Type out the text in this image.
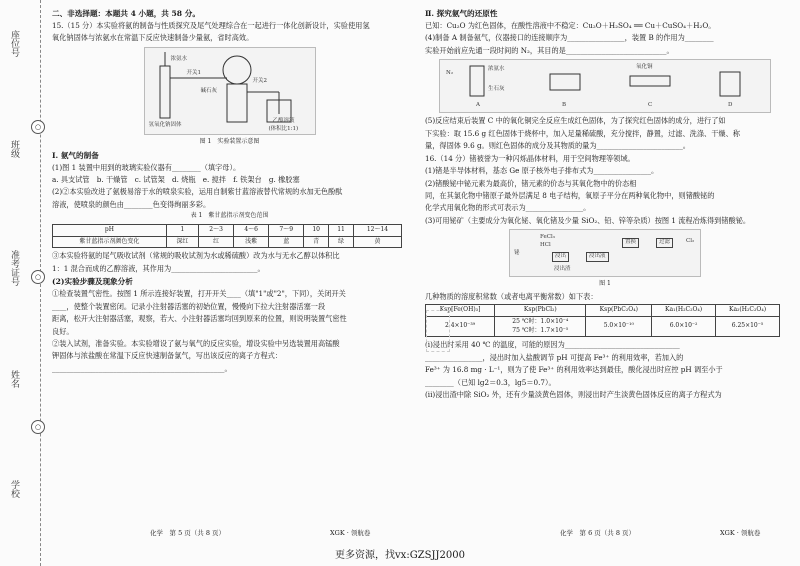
座位号
班级
准考证号
姓名
学校
○
○
○

二、非选择题：本题共 4 小题，共 58 分。

15.（15 分）本实验将氨的制备与性质探究及尾气处理综合在一起进行一体化创新设计，实验使用氢

氧化钠固体与浓氨水在常温下反应快速制备少量氨，省时高效。

浓氨水
开关1
开关2
碱石灰
氢氧化钠固体
乙醇溶液
(体积比1:1)
图 1　实验装置示意图

Ⅰ. 氨气的制备

(1)图 1 装置中用到的玻璃实验仪器有________（填字母）。

a. 具支试管　b. 干燥管　c. 试管架　d. 烧瓶　e. 搅拌　f. 铁架台　g. 橡胶塞

(2)②本实验改进了氨极易溶于水的喷泉实验，运用自制紫甘蓝溶液替代常规的水加无色酚酞

溶液，使喷泉的颜色由________色变得绚丽多彩。

表 1　紫甘蓝指示剂变色范围
pH	1	2～3	4～6	7～9	10	11	12～14
紫甘蓝指示剂颜色变化	深红	红	浅紫	蓝	青	绿	黄

③本实验将氨的尾气吸收试剂（常规的吸收试剂为水或稀硫酸）改为水与无水乙醇以体积比

1：1 混合而成的乙醇溶液，其作用为________________________。

(2)实验步骤及现象分析

①检查装置气密性。按图 1 所示连接好装置，打开开关____（填"1"或"2"，下同），关闭开关

____，使整个装置密闭。记录小注射器活塞的初始位置，慢慢向下拉大注射器活塞一段

距离，松开大注射器活塞，观察，若大、小注射器活塞均回到原来的位置，则说明装置气密性

良好。

②装入试剂，准备实验。本实验增设了氨与氧气的反应实验，增设实验中另选装置用高锰酸

钾固体与浓盐酸在常温下反应快速制备氯气，写出该反应的离子方程式：

________________________________________________。

化学　第 5 页（共 8 页）	XGK · 领航卷

Ⅱ. 探究氨气的还原性

已知：Cu₂O 为红色固体，在酸性溶液中不稳定：Cu₂O＋H₂SO₄ ══ Cu＋CuSO₄＋H₂O。

(4)制备 A 制备氨气，仪器接口的连接顺序为________________，装置 B 的作用为________

实验开始前应先通一段时间的 N₂，其目的是____________________________。

N₂
浓氨水
生石灰
氧化铜
A	B	C	D

(5)反应结束后装置 C 中的氧化铜完全反应生成红色固体，为了探究红色固体的成分，进行了如

下实验：取 15.6 g 红色固体于烧杯中，加入足量稀硫酸，充分搅拌，静置，过滤、洗涤、干燥、称

量，得固体 9.6 g。则红色固体的成分及其物质的量为________________________。

16.（14 分）锗被誉为一种闪烁晶体材料，用于空间物理等领域。

(1)锗是半导体材料，基态 Ge 原子核外电子排布式为________________。

(2)锗酸铋中铋元素为最高价，锗元素的价态与其氧化物中的价态相

同，在其氯化物中锗原子最外层满足 8 电子结构，氧原子平分在两种氧化物中，则锗酸铋的

化学式用氧化物的形式可表示为________________。

(3)可用铋矿（主要成分为氧化铋、氧化锗及少量 SiO₂、铅、锌等杂质）按图 1 流程冶炼得到锗酸铋。

铋
FeCl₃
HCl
浸出	浸出液
浸出渣
置换	过滤	Cl₂
图 1

几种物质的溶度积常数（或者电离平衡常数）如下表：

Ksp[Fe(OH)₃]	Ksp(PbCl₂)	Ksp(PbC₂O₄)	Ka₁(H₂C₂O₄)	Ka₂(H₂C₂O₄)
2.4×10⁻³⁹	25 ℃时：1.0×10⁻⁴
75 ℃时：1.7×10⁻⁵	5.0×10⁻¹⁰	6.0×10⁻²	6.25×10⁻⁵

(i)浸出时采用 40 ℃ 的温度，可能的原因为________________________________

________________，浸出时加入盐酸调节 pH 可提高 Fe³⁺ 的利用效率，若加入的

Fe³⁺ 为 16.8 mg · L⁻¹，则为了使 Fe³⁺ 的利用效率达到最佳，酸化浸出时应控 pH 调至小于

________（已知 lg2＝0.3，lg5＝0.7）。

(ii)浸出渣中除 SiO₂ 外，还有少量淡黄色固体，则浸出时产生淡黄色固体反应的离子方程式为

化学　第 6 页（共 8 页）	XGK · 领航卷
更多资源，找vx:GZSJJ2000
